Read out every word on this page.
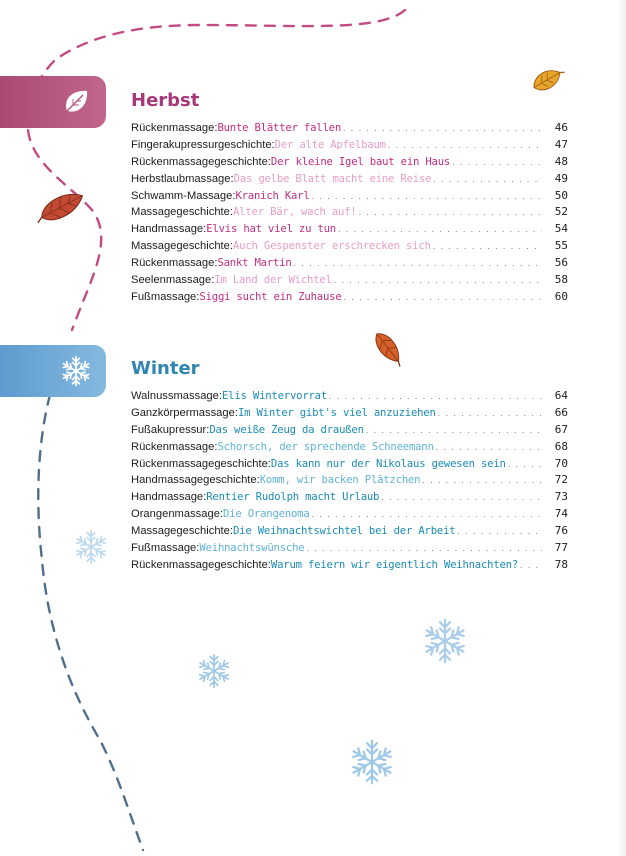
Herbst
Rückenmassage: Bunte Blätter fallen . . .	46
Fingerakupressurgeschichte: Der alte Apfelbaum . . .	47
Rückenmassagegeschichte: Der kleine Igel baut ein Haus . . .	48
Herbstlaubmassage: Das gelbe Blatt macht eine Reise . . .	49
Schwamm-Massage: Kranich Karl . . .	50
Massagegeschichte: Alter Bär, wach auf! . . .	52
Handmassage: Elvis hat viel zu tun . . .	54
Massagegeschichte: Auch Gespenster erschrecken sich . . .	55
Rückenmassage: Sankt Martin . . .	56
Seelenmassage: Im Land der Wichtel . . .	58
Fußmassage: Siggi sucht ein Zuhause . . .	60
Winter
Walnussmassage: Elis Wintervorrat . . .	64
Ganzkörpermassage: Im Winter gibt's viel anzuziehen . . .	66
Fußakupressur: Das weiße Zeug da draußen . . .	67
Rückenmassage: Schorsch, der sprechende Schneemann . . .	68
Rückenmassagegeschichte: Das kann nur der Nikolaus gewesen sein . . .	70
Handmassagegeschichte: Komm, wir backen Plätzchen . . .	72
Handmassage: Rentier Rudolph macht Urlaub . . .	73
Orangenmassage: Die Orangenoma . . .	74
Massagegeschichte: Die Weihnachtswichtel bei der Arbeit . . .	76
Fußmassage: Weihnachtswünsche . . .	77
Rückenmassagegeschichte: Warum feiern wir eigentlich Weihnachten? . . .	78
